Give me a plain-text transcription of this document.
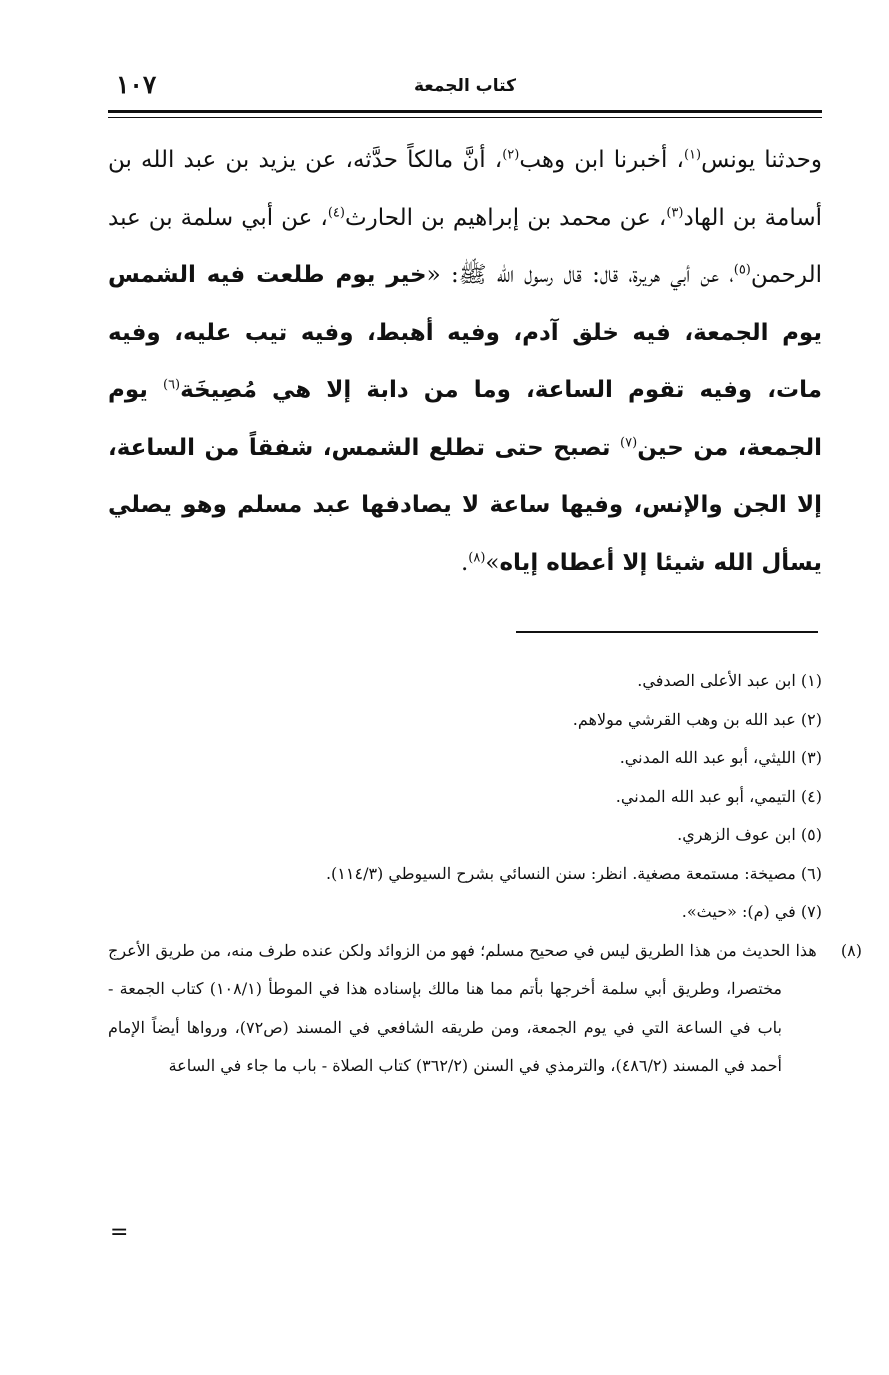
١٠٧	كتاب الجمعة

وحدثنا يونس$^{(١)}$، أخبرنا ابن وهب$^{(٢)}$، أنَّ مالكاً حدَّثه، عن يزيد بن عبد الله بن أسامة بن الهاد$^{(٣)}$، عن محمد بن إبراهيم بن الحارث$^{(٤)}$، عن أبي سلمة بن عبد الرحمن$^{(٥)}$، عن أبي هريرة، قال: قال رسول الله ﷺ: «خير يوم طلعت فيه الشمس يوم الجمعة، فيه خلق آدم، وفيه أهبط، وفيه تيب عليه، وفيه مات، وفيه تقوم الساعة، وما من دابة إلا هي مُصِيخَة$^{(٦)}$ يوم الجمعة، من حين$^{(٧)}$ تصبح حتى تطلع الشمس، شفقاً من الساعة، إلا الجن والإنس، وفيها ساعة لا يصادفها عبد مسلم وهو يصلي يسأل الله شيئا إلا أعطاه إياه»$^{(٨)}$.

(١) ابن عبد الأعلى الصدفي.

(٢) عبد الله بن وهب القرشي مولاهم.

(٣) الليثي، أبو عبد الله المدني.

(٤) التيمي، أبو عبد الله المدني.

(٥) ابن عوف الزهري.

(٦) مصيخة: مستمعة مصغية. انظر: سنن النسائي بشرح السيوطي (١١٤/٣).

(٧) في (م): «حيث».

(٨) هذا الحديث من هذا الطريق ليس في صحيح مسلم؛ فهو من الزوائد ولكن عنده طرف منه، من طريق الأعرج مختصرا، وطريق أبي سلمة أخرجها بأتم مما هنا مالك بإسناده هذا في الموطأ (١٠٨/١) كتاب الجمعة - باب في الساعة التي في يوم الجمعة، ومن طريقه الشافعي في المسند (ص٧٢)، ورواها أيضاً الإمام أحمد في المسند (٤٨٦/٢)، والترمذي في السنن (٣٦٢/٢) كتاب الصلاة - باب ما جاء في الساعة

=
